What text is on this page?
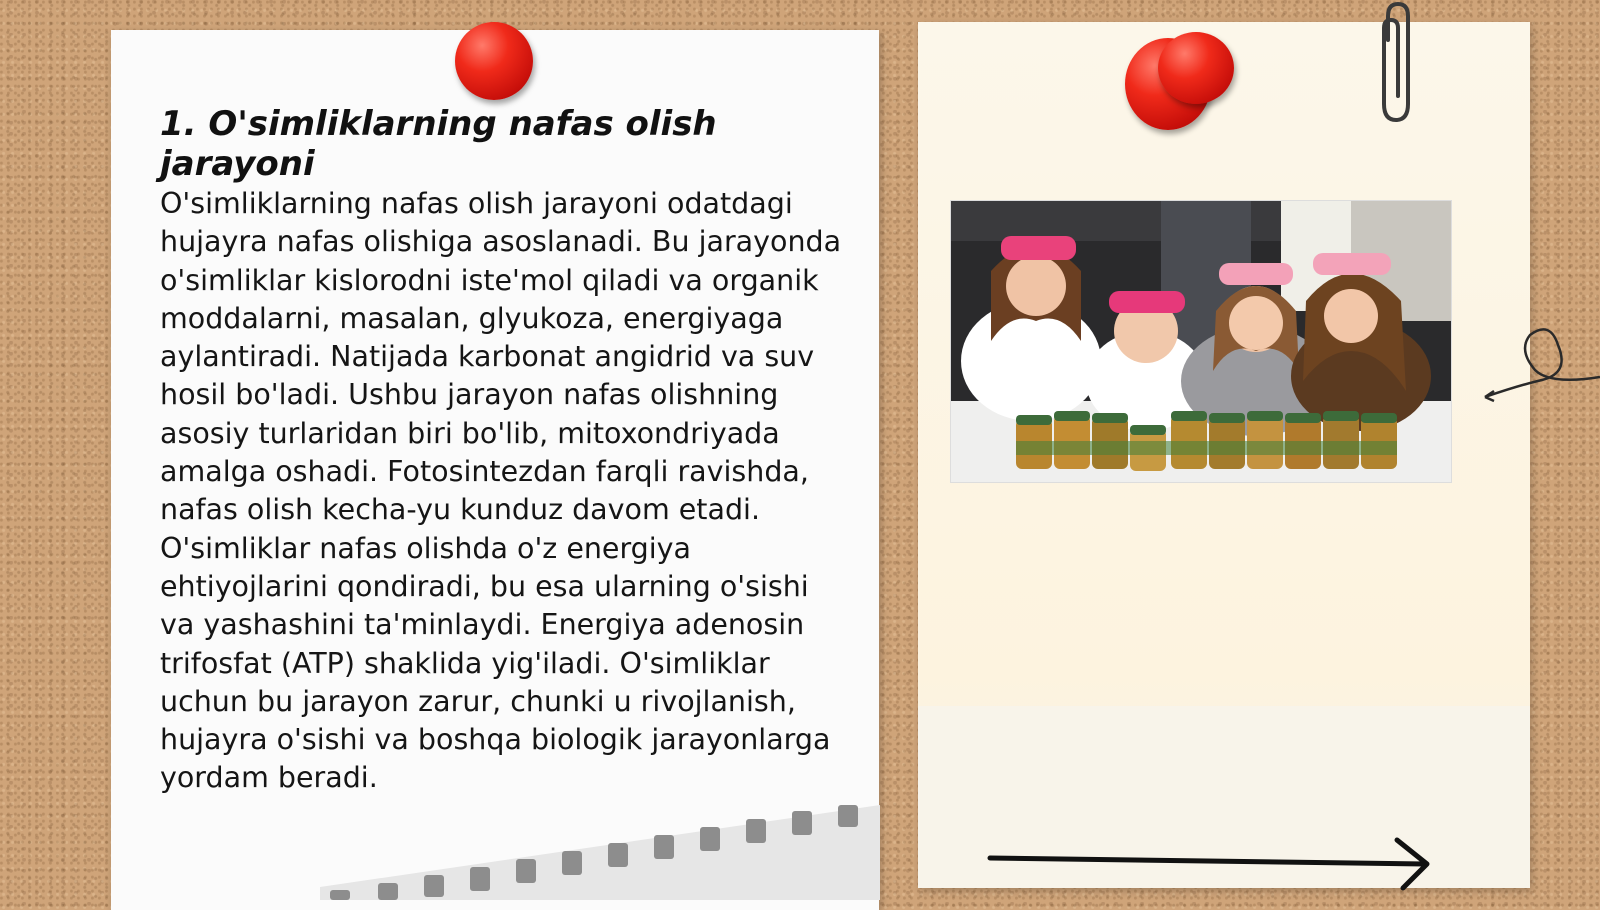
1. O'simliklarning nafas olish jarayoni

O'simliklarning nafas olish jarayoni odatdagi hujayra nafas olishiga asoslanadi. Bu jarayonda o'simliklar kislorodni iste'mol qiladi va organik moddalarni, masalan, glyukoza, energiyaga aylantiradi. Natijada karbonat angidrid va suv hosil bo'ladi. Ushbu jarayon nafas olishning asosiy turlaridan biri bo'lib, mitoxondriyada amalga oshadi. Fotosintezdan farqli ravishda, nafas olish kecha-yu kunduz davom etadi. O'simliklar nafas olishda o'z energiya ehtiyojlarini qondiradi, bu esa ularning o'sishi va yashashini ta'minlaydi. Energiya adenosin trifosfat (ATP) shaklida yig'iladi. O'simliklar uchun bu jarayon zarur, chunki u rivojlanish, hujayra o'sishi va boshqa biologik jarayonlarga yordam beradi.
